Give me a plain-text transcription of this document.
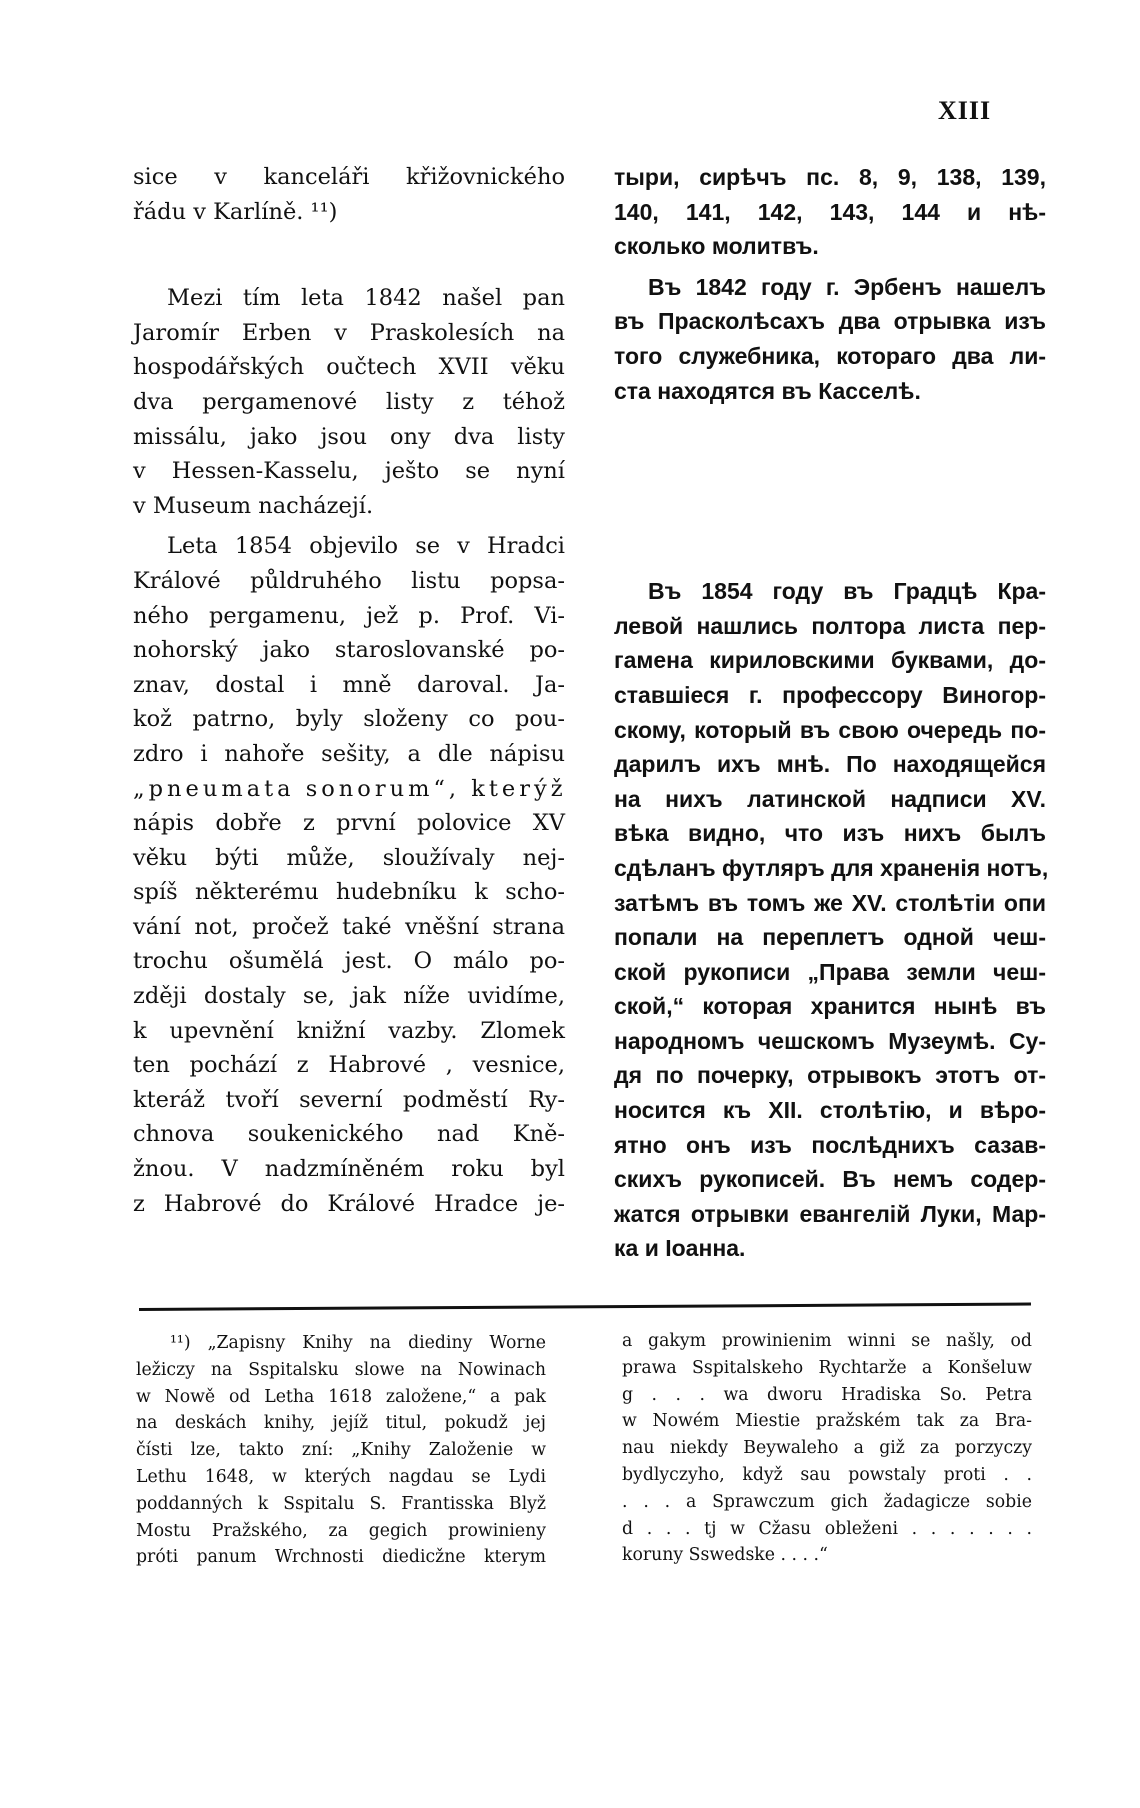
XIII
sice v kanceláři křižovnického
řádu v Karlíně. ¹¹)
Mezi tím leta 1842 našel pan
Jaromír Erben v Praskolesích na
hospodářských oučtech XVII věku
dva pergamenové listy z téhož
missálu, jako jsou ony dva listy
v Hessen-Kasselu, ješto se nyní
v Museum nacházejí.
Leta 1854 objevilo se v Hradci
Králové půldruhého listu popsa-
ného pergamenu, jež p. Prof. Vi-
nohorský jako staroslovanské po-
znav, dostal i mně daroval. Ja-
kož patrno, byly složeny co pou-
zdro i nahoře sešity, a dle nápisu
„pneumata sonorum“, kterýž
nápis dobře z první polovice XV
věku býti může, sloužívaly nej-
spíš některému hudebníku k scho-
vání not, pročež také vněšní strana
trochu ošumělá jest. O málo po-
zději dostaly se, jak níže uvidíme,
k upevnění knižní vazby. Zlomek
ten pochází z Habrové , vesnice,
kteráž tvoří severní podměstí Ry-
chnova soukenického nad Kně-
žnou. V nadzmíněném roku byl
z Habrové do Králové Hradce je-
тыри, сирѣчъ пс. 8, 9, 138, 139,
140, 141, 142, 143, 144 и нѣ-
сколько молитвъ.
Въ 1842 году г. Эрбенъ нашелъ
въ Прасколѣсахъ два отрывка изъ
того служебника, котораго два ли-
ста находятся въ Касселѣ.
Въ 1854 году въ Градцѣ Кра-
левой нашлись полтора листа пер-
гамена кириловскими буквами, до-
ставшіеся г. профессору Виногор-
скому, который въ свою очередь по-
дарилъ ихъ мнѣ. По находящейся
на нихъ латинской надписи XV.
вѣка видно, что изъ нихъ былъ
сдѣланъ футляръ для храненія нотъ,
затѣмъ въ томъ же XV. столѣтіи опи
попали на переплетъ одной чеш-
ской рукописи „Права земли чеш-
ской,“ которая хранится нынѣ въ
народномъ чешскомъ Музеумѣ. Су-
дя по почерку, отрывокъ этотъ от-
носится къ XII. столѣтію, и вѣро-
ятно онъ изъ послѣднихъ сазав-
скихъ рукописей. Въ немъ содер-
жатся отрывки евангелій Луки, Мар-
ка и Іоанна.
¹¹) „Zapisny Knihy na diediny Worne
ležiczy na Sspitalsku slowe na Nowinach
w Nowě od Letha 1618 založene,“ a pak
na deskách knihy, jejíž titul, pokudž jej
čísti lze, takto zní: „Knihy Založenie w
Lethu 1648, w kterých nagdau se Lydi
poddanných k Sspitalu S. Frantisska Blyž
Mostu Pražského, za gegich prowinieny
próti panum Wrchnosti diedicžne kterym
a gakym prowinienim winni se našly, od
prawa Sspitalskeho Rychtarže a Konšeluw
g . . . wa dworu Hradiska So. Petra
w Nowém Miestie pražském tak za Bra-
nau niekdy Beywaleho a giž za porzyczy
bydlyczyho, když sau powstaly proti . .
. . . a Sprawczum gich žadagicze sobie
d . . . tj w Cžasu obleženi . . . . . . .
koruny Sswedske . . . .“
